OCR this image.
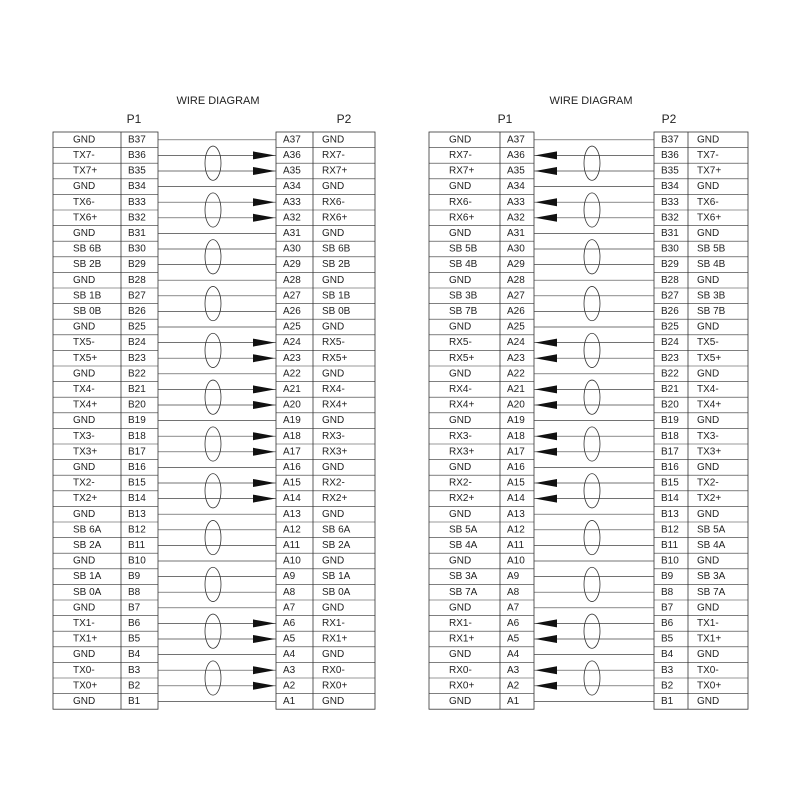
WIRE DIAGRAM
P1	P2
GND	B37	A37 GND
TX7-	B36	A36 RX7-
TX7+	B35	A35 RX7+
GND	B34	A34 GND
TX6-	B33	A33 RX6-
TX6+	B32	A32 RX6+
GND	B31	A31 GND
SB 6B	B30	A30 SB 6B
SB 2B	B29	A29 SB 2B
GND	B28	A28 GND
SB 1B	B27	A27 SB 1B
SB 0B	B26	A26 SB 0B
GND	B25	A25 GND
TX5-	B24	A24 RX5-
TX5+	B23	A23 RX5+
GND	B22	A22 GND
TX4-	B21	A21 RX4-
TX4+	B20	A20 RX4+
GND	B19	A19 GND
TX3-	B18	A18 RX3-
TX3+	B17	A17 RX3+
GND	B16	A16 GND
TX2-	B15	A15 RX2-
TX2+	B14	A14 RX2+
GND	B13	A13 GND
SB 6A	B12	A12 SB 6A
SB 2A	B11	A11 SB 2A
GND	B10	A10 GND
SB 1A	B9	A9	SB 1A
SB 0A	B8	A8	SB 0A
GND	B7	A7	GND
TX1-	B6	A6	RX1-
TX1+	B5	A5	RX1+
GND	B4	A4	GND
TX0-	B3	A3	RX0-
TX0+	B2	A2	RX0+
GND	B1	A1	GND
WIRE DIAGRAM
P1	P2
GND	A37	B37 GND
RX7-	A36	B36 TX7-
RX7+	A35	B35 TX7+
GND	A34	B34 GND
RX6-	A33	B33 TX6-
RX6+	A32	B32 TX6+
GND	A31	B31 GND
SB 5B	A30	B30 SB 5B
SB 4B	A29	B29 SB 4B
GND	A28	B28 GND
SB 3B	A27	B27 SB 3B
SB 7B	A26	B26 SB 7B
GND	A25	B25 GND
RX5-	A24	B24 TX5-
RX5+	A23	B23 TX5+
GND	A22	B22 GND
RX4-	A21	B21 TX4-
RX4+	A20	B20 TX4+
GND	A19	B19 GND
RX3-	A18	B18 TX3-
RX3+	A17	B17 TX3+
GND	A16	B16 GND
RX2-	A15	B15 TX2-
RX2+	A14	B14 TX2+
GND	A13	B13 GND
SB 5A	A12	B12 SB 5A
SB 4A	A11	B11 SB 4A
GND	A10	B10 GND
SB 3A	A9	B9 SB 3A
SB 7A	A8	B8 SB 7A
GND	A7	B7 GND
RX1-	A6	B6 TX1-
RX1+	A5	B5 TX1+
GND	A4	B4 GND
RX0-	A3	B3 TX0-
RX0+	A2	B2 TX0+
GND	A1	B1 GND
